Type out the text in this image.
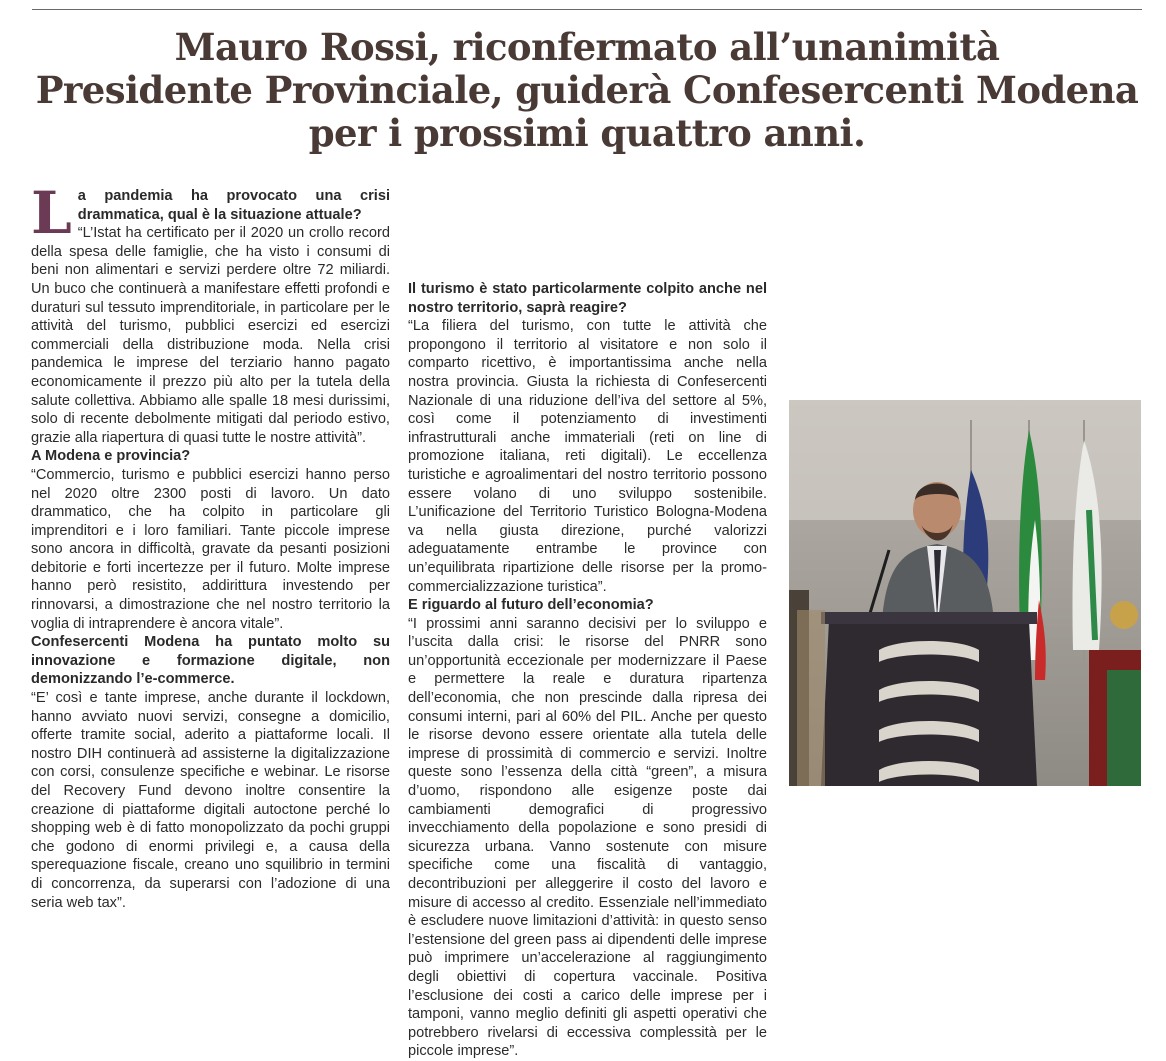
Mauro Rossi, riconfermato all’unanimità
Presidente Provinciale, guiderà Confesercenti Modena
per i prossimi quattro anni.

L a pandemia ha provocato una crisi drammatica, qual è la situazione attuale?

“L’Istat ha certificato per il 2020 un crollo record della spesa delle famiglie, che ha visto i consumi di beni non alimentari e servizi perdere oltre 72 miliardi. Un buco che continuerà a manifestare effetti profondi e duraturi sul tessuto imprenditoriale, in particolare per le attività del turismo, pubblici esercizi ed esercizi commerciali della distribuzione moda. Nella crisi pandemica le imprese del terziario hanno pagato economicamente il prezzo più alto per la tutela della salute collettiva. Abbiamo alle spalle 18 mesi durissimi, solo di recente debolmente mitigati dal periodo estivo, grazie alla riapertura di quasi tutte le nostre attività”.

A Modena e provincia?

“Commercio, turismo e pubblici esercizi hanno perso nel 2020 oltre 2300 posti di lavoro. Un dato drammatico, che ha colpito in particolare gli imprenditori e i loro familiari. Tante piccole imprese sono ancora in difficoltà, gravate da pesanti posizioni debitorie e forti incertezze per il futuro. Molte imprese hanno però resistito, addirittura investendo per rinnovarsi, a dimostrazione che nel nostro territorio la voglia di intraprendere è ancora vitale”.

Confesercenti Modena ha puntato molto su innovazione e formazione digitale, non demonizzando l’e-commerce.

“E’ così e tante imprese, anche durante il lockdown, hanno avviato nuovi servizi, consegne a domicilio, offerte tramite social, aderito a piattaforme locali. Il nostro DIH continuerà ad assisterne la digitalizzazione con corsi, consulenze specifiche e webinar. Le risorse del Recovery Fund devono inoltre consentire la creazione di piattaforme digitali autoctone perché lo shopping web è di fatto monopolizzato da pochi gruppi che godono di enormi privilegi e, a causa della sperequazione fiscale, creano uno squilibrio in termini di concorrenza, da superarsi con l’adozione di una seria web tax”.

Il turismo è stato particolarmente colpito anche nel nostro territorio, saprà reagire?

“La filiera del turismo, con tutte le attività che propongono il territorio al visitatore e non solo il comparto ricettivo, è importantissima anche nella nostra provincia. Giusta la richiesta di Confesercenti Nazionale di una riduzione dell’iva del settore al 5%, così come il potenziamento di investimenti infrastrutturali anche immateriali (reti on line di promozione italiana, reti digitali). Le eccellenza turistiche e agroalimentari del nostro territorio possono essere volano di uno sviluppo sostenibile. L’unificazione del Territorio Turistico Bologna-Modena va nella giusta direzione, purché valorizzi adeguatamente entrambe le province con un’equilibrata ripartizione delle risorse per la promo-commercializzazione turistica”.

E riguardo al futuro dell’economia?

“I prossimi anni saranno decisivi per lo sviluppo e l’uscita dalla crisi: le risorse del PNRR sono un’opportunità eccezionale per modernizzare il Paese e permettere la reale e duratura ripartenza dell’economia, che non prescinde dalla ripresa dei consumi interni, pari al 60% del PIL. Anche per questo le risorse devono essere orientate alla tutela delle imprese di prossimità di commercio e servizi. Inoltre queste sono l’essenza della città “green”, a misura d’uomo, rispondono alle esigenze poste dai cambiamenti demografici di progressivo invecchiamento della popolazione e sono presidi di sicurezza urbana. Vanno sostenute con misure specifiche come una fiscalità di vantaggio, decontribuzioni per alleggerire il costo del lavoro e misure di accesso al credito. Essenziale nell’immediato è escludere nuove limitazioni d’attività: in questo senso l’estensione del green pass ai dipendenti delle imprese può imprimere un’accelerazione al raggiungimento degli obiettivi di copertura vaccinale. Positiva l’esclusione dei costi a carico delle imprese per i tamponi, vanno meglio definiti gli aspetti operativi che potrebbero rivelarsi di eccessiva complessità per le piccole imprese”.
